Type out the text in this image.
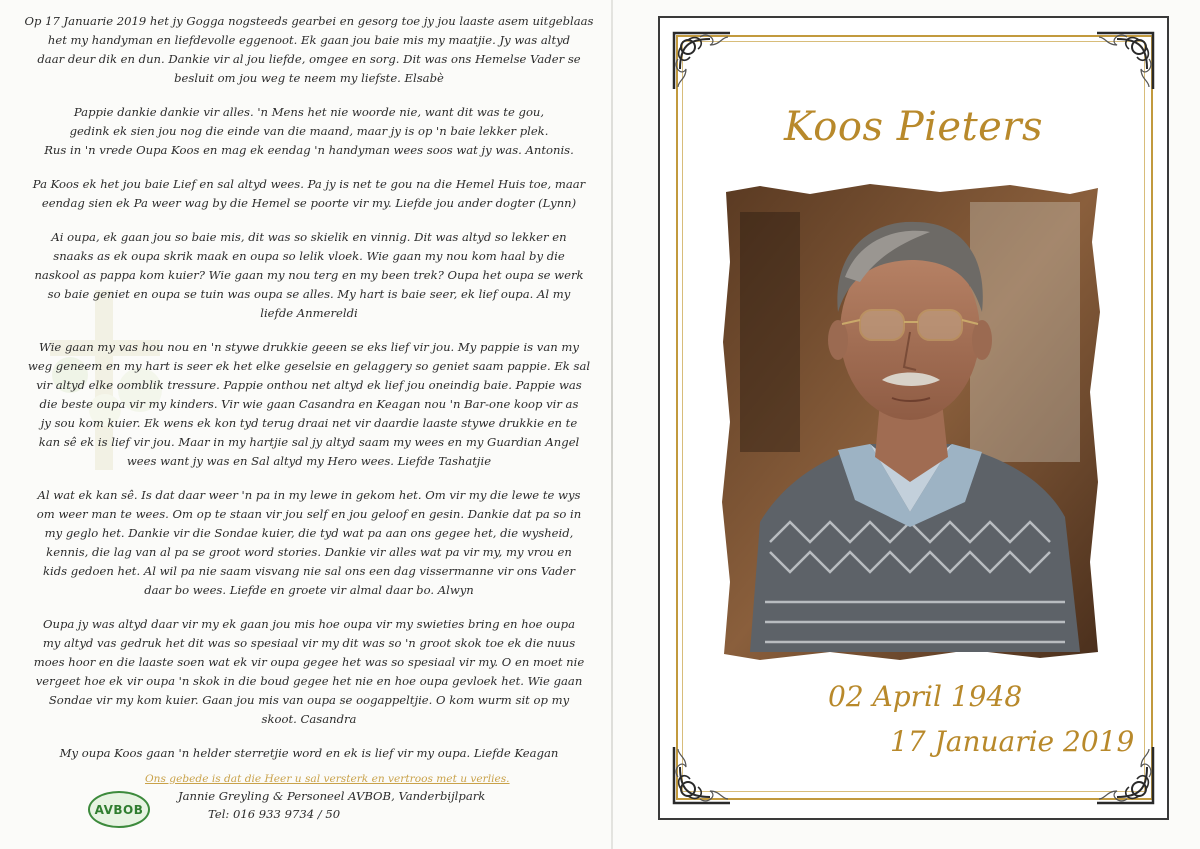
Op 17 Januarie 2019 het jy Gogga nogsteeds gearbei en gesorg toe jy jou laaste asem uitgeblaas
het my handyman en liefdevolle eggenoot. Ek gaan jou baie mis my maatjie. Jy was altyd
daar deur dik en dun. Dankie vir al jou liefde, omgee en sorg. Dit was ons Hemelse Vader se
besluit om jou weg te neem my liefste. Elsabè

Pappie dankie dankie vir alles. 'n Mens het nie woorde nie, want dit was te gou,
gedink ek sien jou nog die einde van die maand, maar jy is op 'n baie lekker plek.
Rus in 'n vrede Oupa Koos en mag ek eendag 'n handyman wees soos wat jy was. Antonis.

Pa Koos ek het jou baie Lief en sal altyd wees. Pa jy is net te gou na die Hemel Huis toe, maar
eendag sien ek Pa weer wag by die Hemel se poorte vir my. Liefde jou ander dogter (Lynn)

Ai oupa, ek gaan jou so baie mis, dit was so skielik en vinnig. Dit was altyd so lekker en
snaaks as ek oupa skrik maak en oupa so lelik vloek. Wie gaan my nou kom haal by die
naskool as pappa kom kuier? Wie gaan my nou terg en my been trek? Oupa het oupa se werk
so baie geniet en oupa se tuin was oupa se alles. My hart is baie seer, ek lief oupa. Al my
liefde Anmereldi

Wie gaan my vas hou nou en 'n stywe drukkie geeen se eks lief vir jou. My pappie is van my
weg geneem en my hart is seer ek het elke geselsie en gelaggery so geniet saam pappie. Ek sal
vir altyd elke oomblik tressure. Pappie onthou net altyd ek lief jou oneindig baie. Pappie was
die beste oupa vir my kinders. Vir wie gaan Casandra en Keagan nou 'n Bar-one koop vir as
jy sou kom kuier. Ek wens ek kon tyd terug draai net vir daardie laaste stywe drukkie en te
kan sê ek is lief vir jou. Maar in my hartjie sal jy altyd saam my wees en my Guardian Angel
wees want jy was en Sal altyd my Hero wees. Liefde Tashatjie

Al wat ek kan sê. Is dat daar weer 'n pa in my lewe in gekom het. Om vir my die lewe te wys
om weer man te wees. Om op te staan vir jou self en jou geloof en gesin. Dankie dat pa so in
my geglo het. Dankie vir die Sondae kuier, die tyd wat pa aan ons gegee het, die wysheid,
kennis, die lag van al pa se groot word stories. Dankie vir alles wat pa vir my, my vrou en
kids gedoen het. Al wil pa nie saam visvang nie sal ons een dag vissermanne vir ons Vader
daar bo wees. Liefde en groete vir almal daar bo. Alwyn

Oupa jy was altyd daar vir my ek gaan jou mis hoe oupa vir my swieties bring en hoe oupa
my altyd vas gedruk het dit was so spesiaal vir my dit was so 'n groot skok toe ek die nuus
moes hoor en die laaste soen wat ek vir oupa gegee het was so spesiaal vir my. O en moet nie
vergeet hoe ek vir oupa 'n skok in die boud gegee het nie en hoe oupa gevloek het. Wie gaan
Sondae vir my kom kuier. Gaan jou mis van oupa se oogappeltjie. O kom wurm sit op my
skoot. Casandra

My oupa Koos gaan 'n helder sterretjie word en ek is lief vir my oupa. Liefde Keagan

Ons gebede is dat die Heer u sal versterk en vertroos met u verlies.
AVBOB
Jannie Greyling & Personeel AVBOB, Vanderbijlpark
Tel: 016 933 9734 / 50
Koos Pieters
02 April 1948
17 Januarie 2019
